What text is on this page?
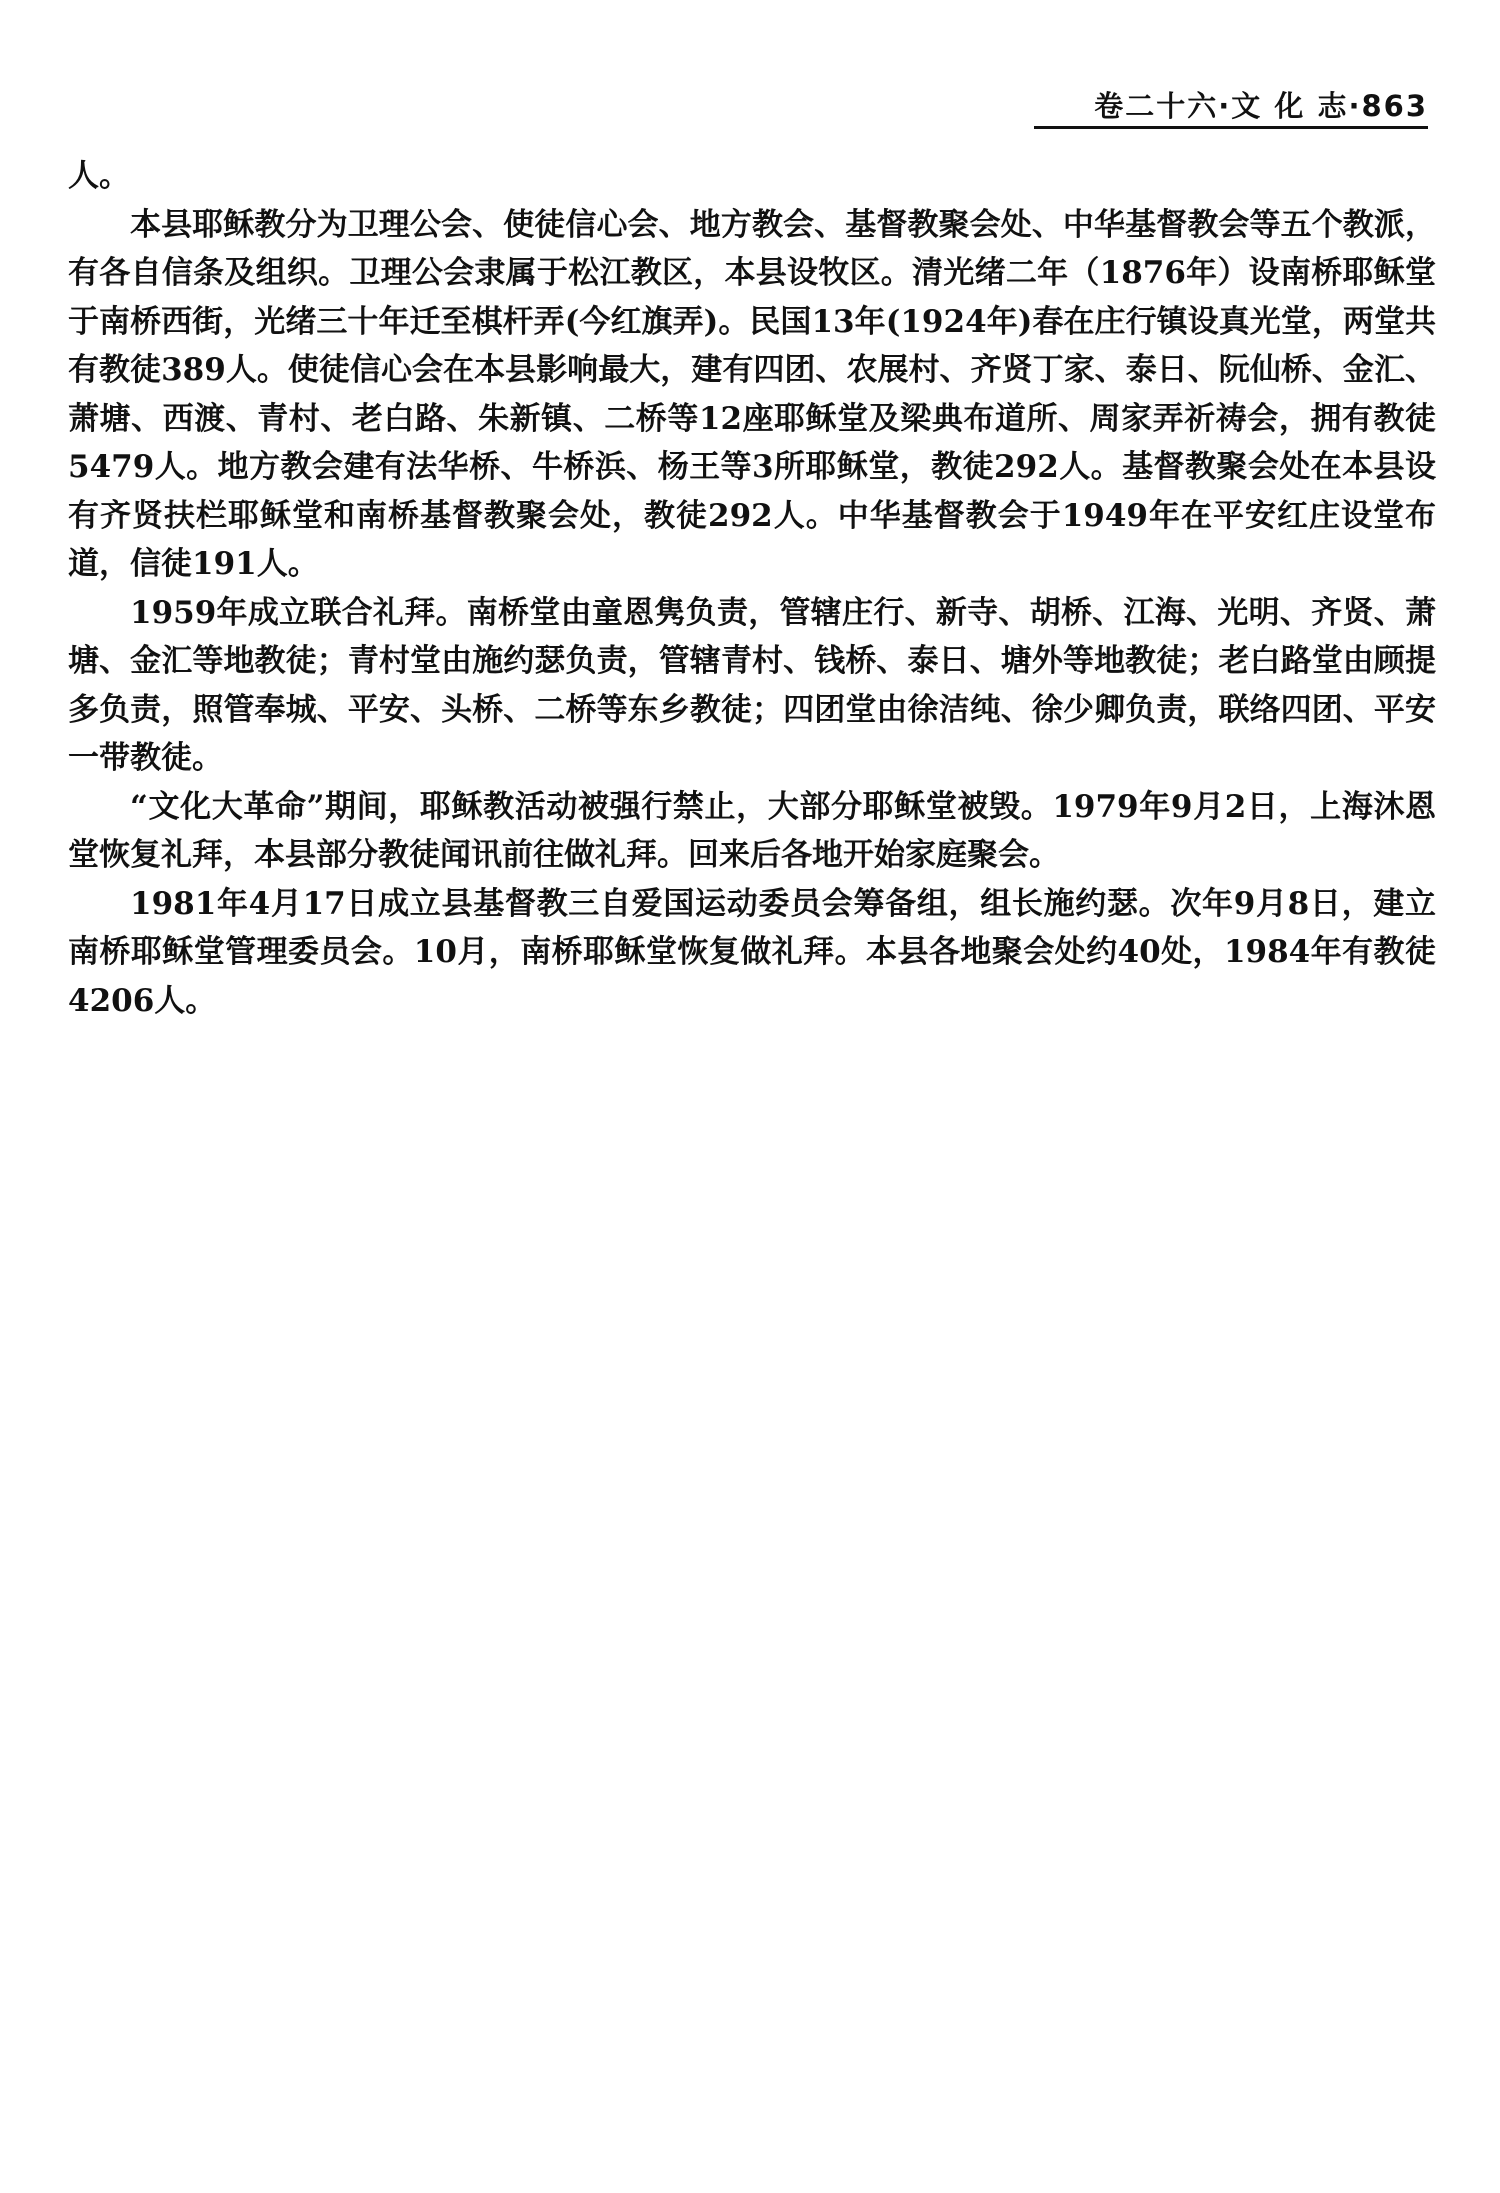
卷二十六·文 化 志·863

人。

本县耶稣教分为卫理公会、使徒信心会、地方教会、基督教聚会处、中华基督教会等五个教派，有各自信条及组织。卫理公会隶属于松江教区，本县设牧区。清光绪二年（1876年）设南桥耶稣堂于南桥西街，光绪三十年迁至棋杆弄(今红旗弄)。民国13年(1924年)春在庄行镇设真光堂，两堂共有教徒389人。使徒信心会在本县影响最大，建有四团、农展村、齐贤丁家、泰日、阮仙桥、金汇、萧塘、西渡、青村、老白路、朱新镇、二桥等12座耶稣堂及梁典布道所、周家弄祈祷会，拥有教徒5479人。地方教会建有法华桥、牛桥浜、杨王等3所耶稣堂，教徒292人。基督教聚会处在本县设有齐贤扶栏耶稣堂和南桥基督教聚会处，教徒292人。中华基督教会于1949年在平安红庄设堂布道，信徒191人。

1959年成立联合礼拜。南桥堂由童恩隽负责，管辖庄行、新寺、胡桥、江海、光明、齐贤、萧塘、金汇等地教徒；青村堂由施约瑟负责，管辖青村、钱桥、泰日、塘外等地教徒；老白路堂由顾提多负责，照管奉城、平安、头桥、二桥等东乡教徒；四团堂由徐洁纯、徐少卿负责，联络四团、平安一带教徒。

“文化大革命”期间，耶稣教活动被强行禁止，大部分耶稣堂被毁。1979年9月2日，上海沐恩堂恢复礼拜，本县部分教徒闻讯前往做礼拜。回来后各地开始家庭聚会。

1981年4月17日成立县基督教三自爱国运动委员会筹备组，组长施约瑟。次年9月8日，建立南桥耶稣堂管理委员会。10月，南桥耶稣堂恢复做礼拜。本县各地聚会处约40处，1984年有教徒4206人。
